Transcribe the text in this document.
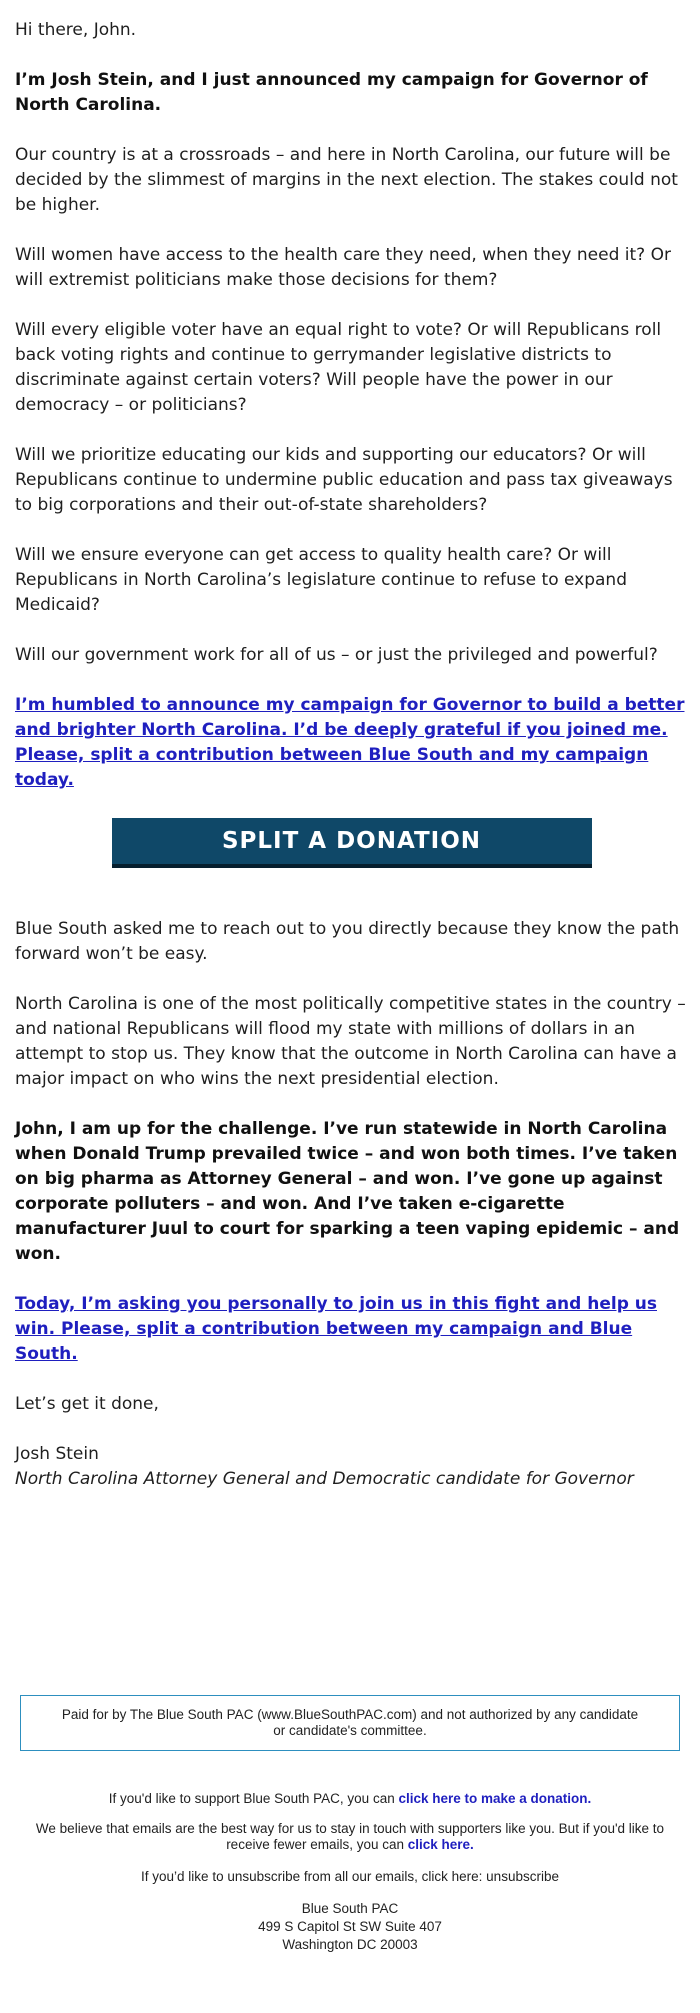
Hi there, John.

I’m Josh Stein, and I just announced my campaign for Governor of North Carolina.

Our country is at a crossroads – and here in North Carolina, our future will be decided by the slimmest of margins in the next election. The stakes could not be higher.

Will women have access to the health care they need, when they need it? Or will extremist politicians make those decisions for them?

Will every eligible voter have an equal right to vote? Or will Republicans roll back voting rights and continue to gerrymander legislative districts to discriminate against certain voters? Will people have the power in our democracy – or politicians?

Will we prioritize educating our kids and supporting our educators? Or will Republicans continue to undermine public education and pass tax giveaways to big corporations and their out-of-state shareholders?

Will we ensure everyone can get access to quality health care? Or will Republicans in North Carolina’s legislature continue to refuse to expand Medicaid?

Will our government work for all of us – or just the privileged and powerful?

I’m humbled to announce my campaign for Governor to build a better and brighter North Carolina. I’d be deeply grateful if you joined me. Please, split a contribution between Blue South and my campaign today.

SPLIT A DONATION

Blue South asked me to reach out to you directly because they know the path forward won’t be easy.

North Carolina is one of the most politically competitive states in the country – and national Republicans will flood my state with millions of dollars in an attempt to stop us. They know that the outcome in North Carolina can have a major impact on who wins the next presidential election.

John, I am up for the challenge. I’ve run statewide in North Carolina when Donald Trump prevailed twice – and won both times. I’ve taken on big pharma as Attorney General – and won. I’ve gone up against corporate polluters – and won. And I’ve taken e-cigarette manufacturer Juul to court for sparking a teen vaping epidemic – and won.

Today, I’m asking you personally to join us in this fight and help us win. Please, split a contribution between my campaign and Blue South.

Let’s get it done,

Josh Stein
North Carolina Attorney General and Democratic candidate for Governor
Paid for by The Blue South PAC (www.BlueSouthPAC.com) and not authorized by any candidate or candidate's committee.

If you'd like to support Blue South PAC, you can click here to make a donation.

We believe that emails are the best way for us to stay in touch with supporters like you. But if you'd like to receive fewer emails, you can click here.

If you’d like to unsubscribe from all our emails, click here: unsubscribe

Blue South PAC
499 S Capitol St SW Suite 407
Washington DC 20003
